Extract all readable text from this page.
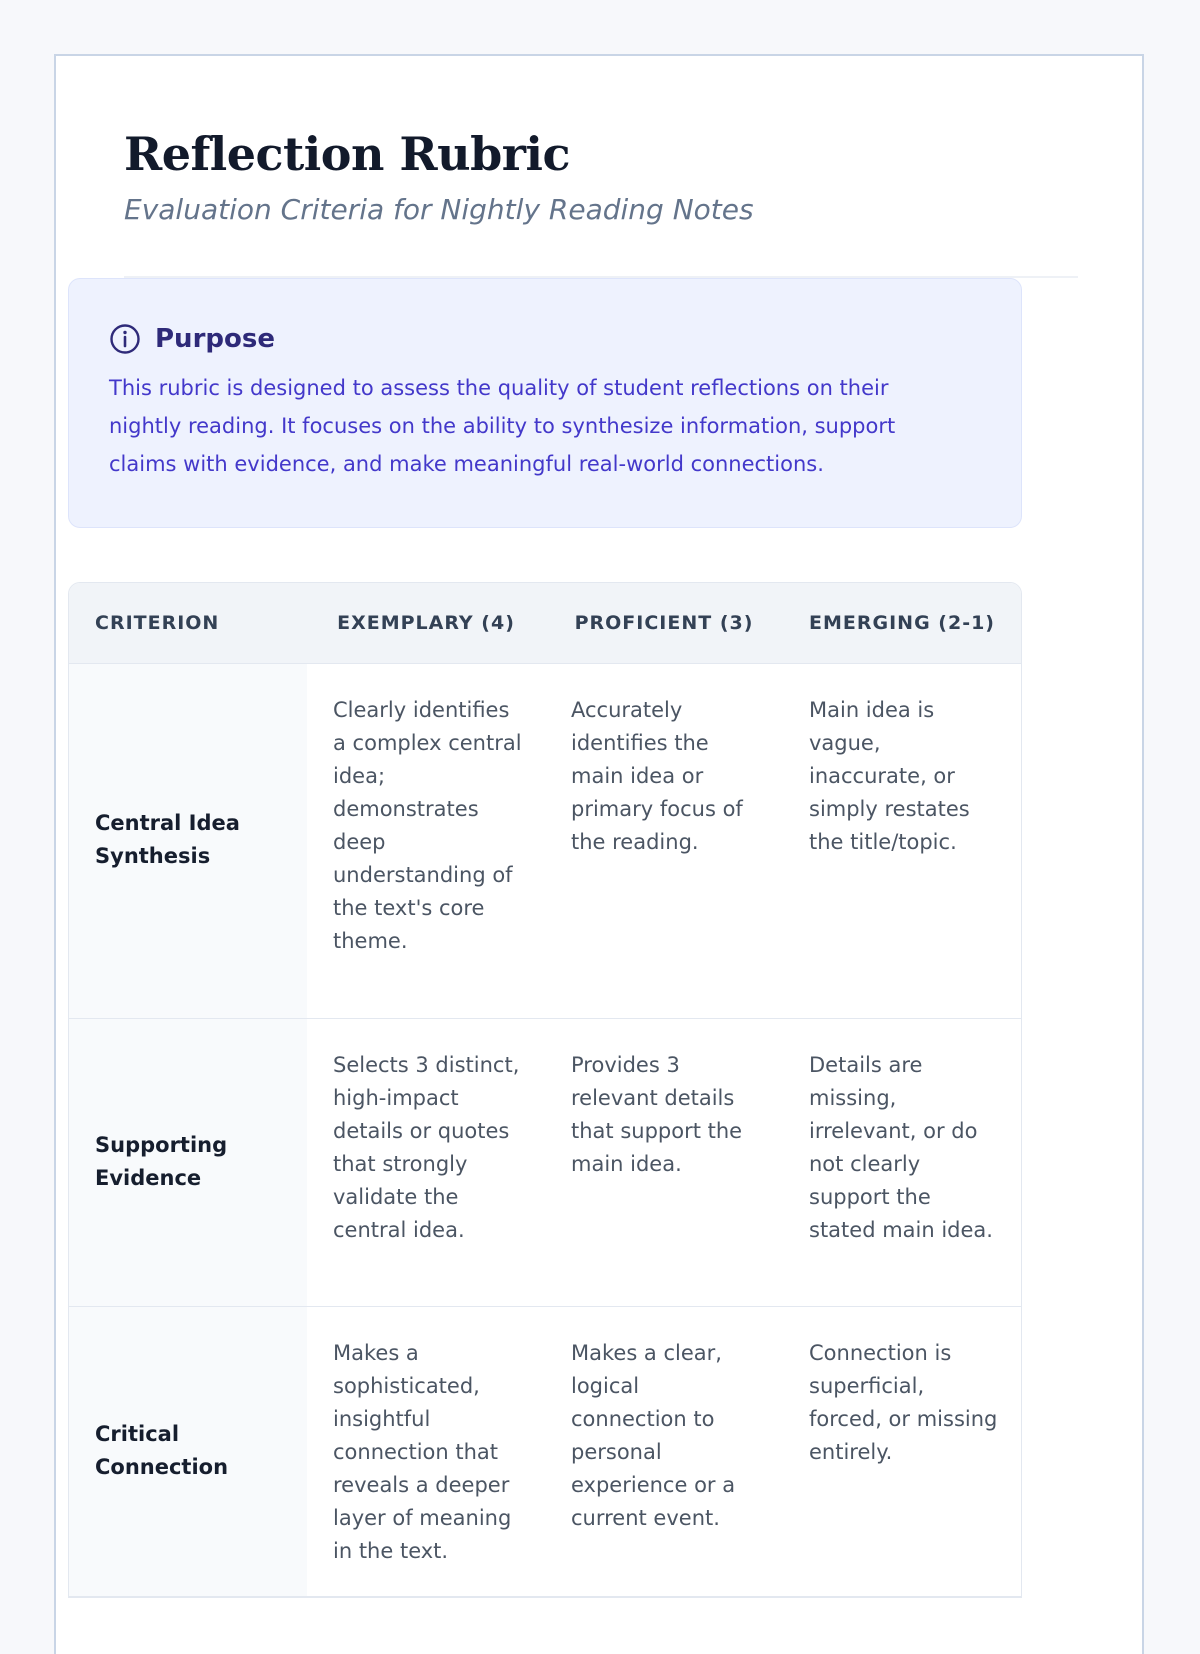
Reflection Rubric
Evaluation Criteria for Nightly Reading Notes
Purpose
This rubric is designed to assess the quality of student reflections on their nightly reading. It focuses on the ability to synthesize information, support claims with evidence, and make meaningful real-world connections.
CRITERION	EXEMPLARY (4)	PROFICIENT (3)	EMERGING (2-1)
Central Idea Synthesis	Clearly identifies a complex central idea; demonstrates deep understanding of the text's core theme.	Accurately identifies the main idea or primary focus of the reading.	Main idea is vague, inaccurate, or simply restates the title/topic.
Supporting Evidence	Selects 3 distinct, high-impact details or quotes that strongly validate the central idea.	Provides 3 relevant details that support the main idea.	Details are missing, irrelevant, or do not clearly support the stated main idea.
Critical Connection	Makes a sophisticated, insightful connection that reveals a deeper layer of meaning in the text.	Makes a clear, logical connection to personal experience or a current event.	Connection is superficial, forced, or missing entirely.
